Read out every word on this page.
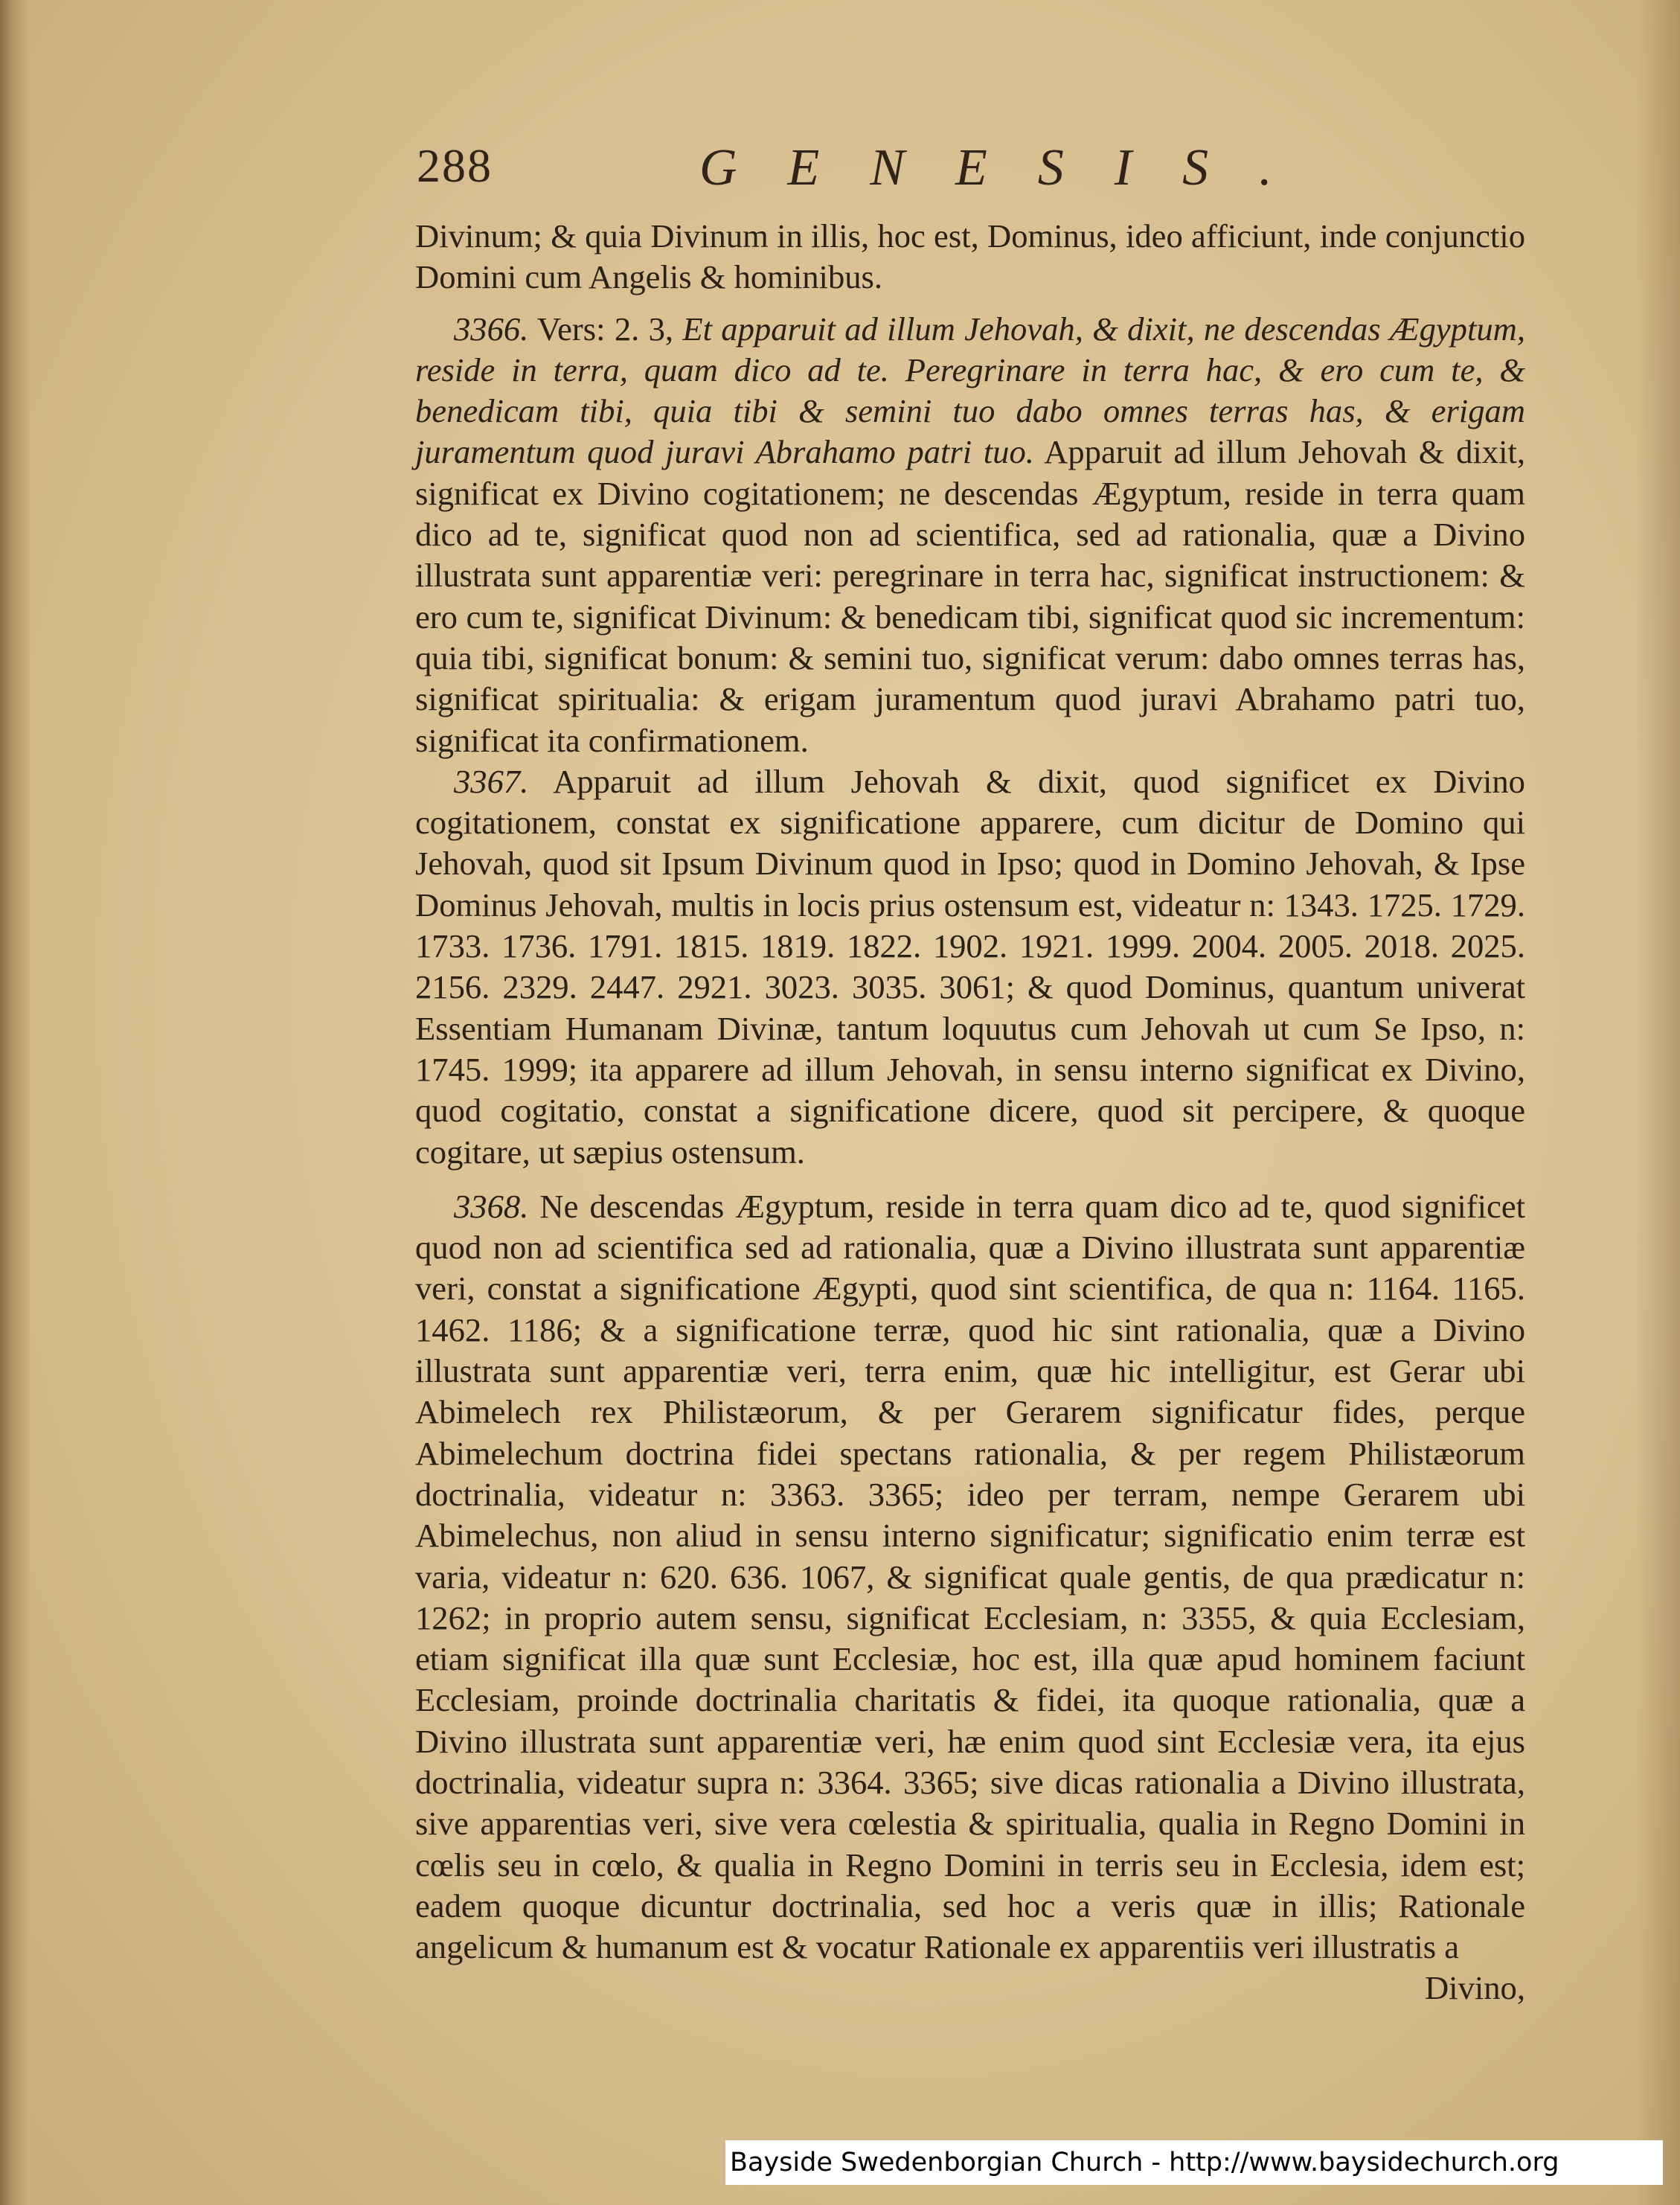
288	GENESIS.

Divinum; & quia Divinum in illis, hoc est, Dominus, ideo afficiunt, inde conjunctio Domini cum Angelis & hominibus.

3366. Vers: 2. 3, Et apparuit ad illum Jehovah, & dixit, ne descendas Ægyptum, reside in terra, quam dico ad te. Peregrinare in terra hac, & ero cum te, & benedicam tibi, quia tibi & semini tuo dabo omnes terras has, & erigam juramentum quod juravi Abrahamo patri tuo. Apparuit ad illum Jehovah & dixit, significat ex Divino cogitationem; ne descendas Ægyptum, reside in terra quam dico ad te, significat quod non ad scientifica, sed ad rationalia, quæ a Divino illustrata sunt apparentiæ veri: peregrinare in terra hac, significat instructionem: & ero cum te, significat Divinum: & benedicam tibi, significat quod sic incrementum: quia tibi, significat bonum: & semini tuo, significat verum: dabo omnes terras has, significat spiritualia: & erigam juramentum quod juravi Abrahamo patri tuo, significat ita confirmationem.

3367. Apparuit ad illum Jehovah & dixit, quod significet ex Divino cogitationem, constat ex significatione apparere, cum dicitur de Domino qui Jehovah, quod sit Ipsum Divinum quod in Ipso; quod in Domino Jehovah, & Ipse Dominus Jehovah, multis in locis prius ostensum est, videatur n: 1343. 1725. 1729. 1733. 1736. 1791. 1815. 1819. 1822. 1902. 1921. 1999. 2004. 2005. 2018. 2025. 2156. 2329. 2447. 2921. 3023. 3035. 3061; & quod Dominus, quantum univerat Essentiam Humanam Divinæ, tantum loquutus cum Jehovah ut cum Se Ipso, n: 1745. 1999; ita apparere ad illum Jehovah, in sensu interno significat ex Divino, quod cogitatio, constat a significatione dicere, quod sit percipere, & quoque cogitare, ut sæpius ostensum.

3368. Ne descendas Ægyptum, reside in terra quam dico ad te, quod significet quod non ad scientifica sed ad rationalia, quæ a Divino illustrata sunt apparentiæ veri, constat a significatione Ægypti, quod sint scientifica, de qua n: 1164. 1165. 1462. 1186; & a significatione terræ, quod hic sint rationalia, quæ a Divino illustrata sunt apparentiæ veri, terra enim, quæ hic intelligitur, est Gerar ubi Abimelech rex Philistæorum, & per Gerarem significatur fides, perque Abimelechum doctrina fidei spectans rationalia, & per regem Philistæorum doctrinalia, videatur n: 3363. 3365; ideo per terram, nempe Gerarem ubi Abimelechus, non aliud in sensu interno significatur; significatio enim terræ est varia, videatur n: 620. 636. 1067, & significat quale gentis, de qua prædicatur n: 1262; in proprio autem sensu, significat Ecclesiam, n: 3355, & quia Ecclesiam, etiam significat illa quæ sunt Ecclesiæ, hoc est, illa quæ apud hominem faciunt Ecclesiam, proinde doctrinalia charitatis & fidei, ita quoque rationalia, quæ a Divino illustrata sunt apparentiæ veri, hæ enim quod sint Ecclesiæ vera, ita ejus doctrinalia, videatur supra n: 3364. 3365; sive dicas rationalia a Divino illustrata, sive apparentias veri, sive vera cœlestia & spiritualia, qualia in Regno Domini in cœlis seu in cœlo, & qualia in Regno Domini in terris seu in Ecclesia, idem est; eadem quoque dicuntur doctrinalia, sed hoc a veris quæ in illis; Rationale angelicum & humanum est & vocatur Rationale ex apparentiis veri illustratis a

Divino,

Bayside Swedenborgian Church - http://www.baysidechurch.org
